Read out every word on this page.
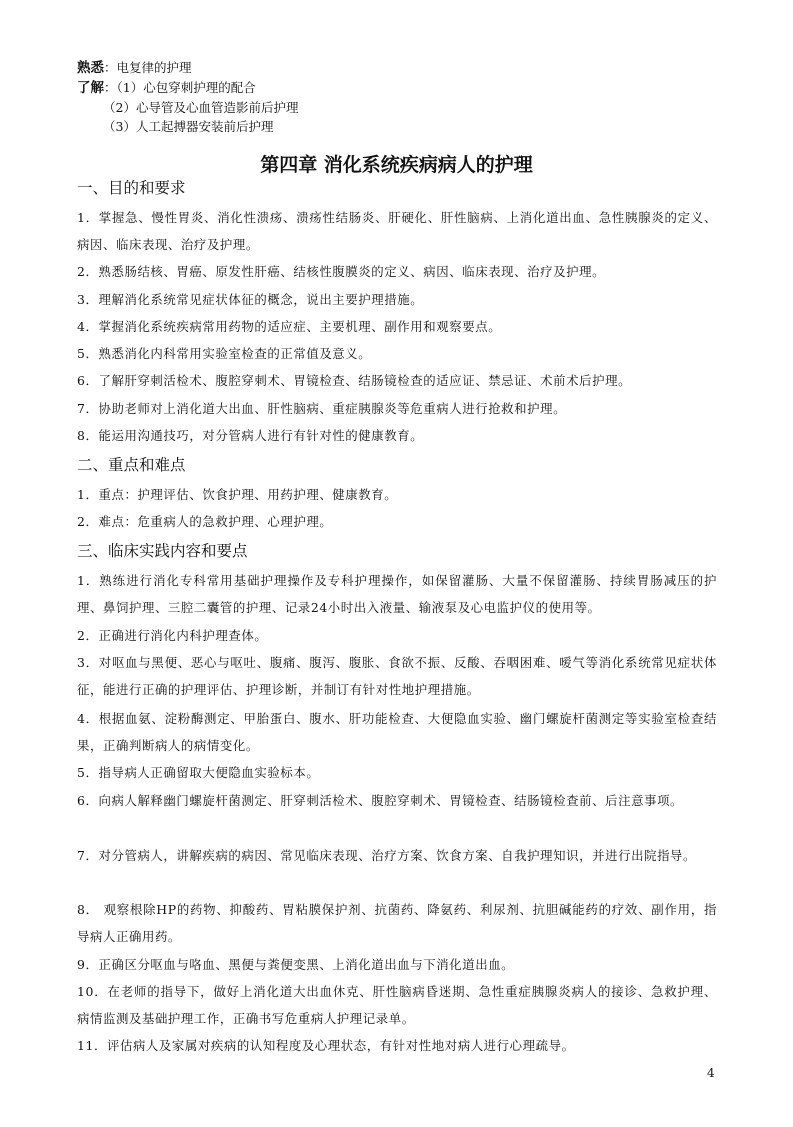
熟悉：电复律的护理
了解：（1）心包穿刺护理的配合
（2）心导管及心血管造影前后护理
（3）人工起搏器安装前后护理
第四章 消化系统疾病病人的护理
一、目的和要求
1．掌握急、慢性胃炎、消化性溃疡、溃疡性结肠炎、肝硬化、肝性脑病、上消化道出血、急性胰腺炎的定义、病因、临床表现、治疗及护理。
2．熟悉肠结核、胃癌、原发性肝癌、结核性腹膜炎的定义、病因、临床表现、治疗及护理。
3．理解消化系统常见症状体征的概念，说出主要护理措施。
4．掌握消化系统疾病常用药物的适应症、主要机理、副作用和观察要点。
5．熟悉消化内科常用实验室检查的正常值及意义。
6．了解肝穿刺活检术、腹腔穿刺术、胃镜检查、结肠镜检查的适应证、禁忌证、术前术后护理。
7．协助老师对上消化道大出血、肝性脑病、重症胰腺炎等危重病人进行抢救和护理。
8．能运用沟通技巧，对分管病人进行有针对性的健康教育。
二、重点和难点
1．重点：护理评估、饮食护理、用药护理、健康教育。
2．难点：危重病人的急救护理、心理护理。
三、临床实践内容和要点
1．熟练进行消化专科常用基础护理操作及专科护理操作，如保留灌肠、大量不保留灌肠、持续胃肠减压的护理、鼻饲护理、三腔二囊管的护理、记录24小时出入液量、输液泵及心电监护仪的使用等。
2．正确进行消化内科护理查体。
3．对呕血与黑便、恶心与呕吐、腹痛、腹泻、腹胀、食欲不振、反酸、吞咽困难、嗳气等消化系统常见症状体征，能进行正确的护理评估、护理诊断，并制订有针对性地护理措施。
4．根据血氨、淀粉酶测定、甲胎蛋白、腹水、肝功能检查、大便隐血实验、幽门螺旋杆菌测定等实验室检查结果，正确判断病人的病情变化。
5．指导病人正确留取大便隐血实验标本。
6．向病人解释幽门螺旋杆菌测定、肝穿刺活检术、腹腔穿刺术、胃镜检查、结肠镜检查前、后注意事项。
7．对分管病人，讲解疾病的病因、常见临床表现、治疗方案、饮食方案、自我护理知识，并进行出院指导。
8． 观察根除HP的药物、抑酸药、胃粘膜保护剂、抗菌药、降氨药、利尿剂、抗胆碱能药的疗效、副作用，指导病人正确用药。
9．正确区分呕血与咯血、黑便与粪便变黑、上消化道出血与下消化道出血。
10．在老师的指导下，做好上消化道大出血休克、肝性脑病昏迷期、急性重症胰腺炎病人的接诊、急救护理、病情监测及基础护理工作，正确书写危重病人护理记录单。
11．评估病人及家属对疾病的认知程度及心理状态，有针对性地对病人进行心理疏导。
4
